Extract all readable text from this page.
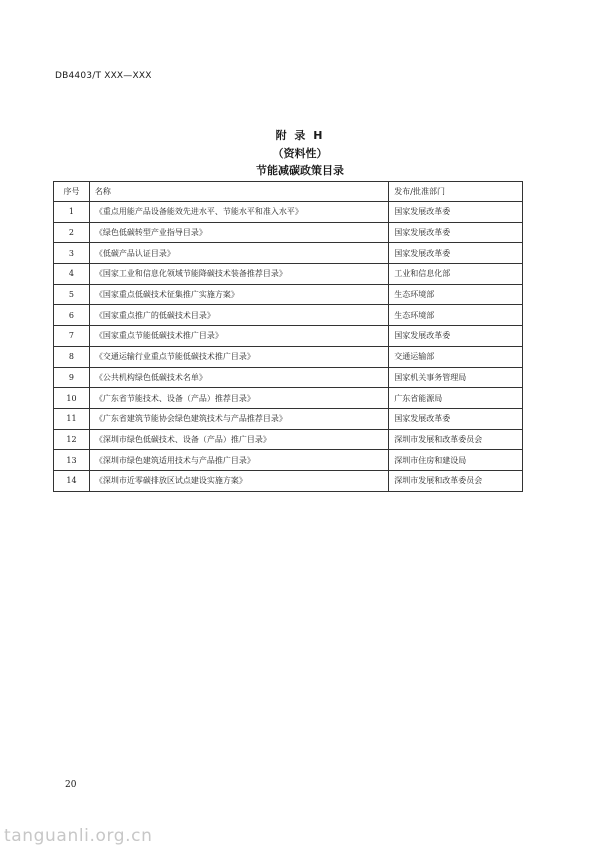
DB4403/T XXX—XXX
附 录 H
（资料性）
节能减碳政策目录
序号	名称	发布/批准部门
1	《重点用能产品设备能效先进水平、节能水平和准入水平》	国家发展改革委
2	《绿色低碳转型产业指导目录》	国家发展改革委
3	《低碳产品认证目录》	国家发展改革委
4	《国家工业和信息化领域节能降碳技术装备推荐目录》	工业和信息化部
5	《国家重点低碳技术征集推广实施方案》	生态环境部
6	《国家重点推广的低碳技术目录》	生态环境部
7	《国家重点节能低碳技术推广目录》	国家发展改革委
8	《交通运输行业重点节能低碳技术推广目录》	交通运输部
9	《公共机构绿色低碳技术名单》	国家机关事务管理局
10	《广东省节能技术、设备（产品）推荐目录》	广东省能源局
11	《广东省建筑节能协会绿色建筑技术与产品推荐目录》	国家发展改革委
12	《深圳市绿色低碳技术、设备（产品）推广目录》	深圳市发展和改革委员会
13	《深圳市绿色建筑适用技术与产品推广目录》	深圳市住房和建设局
14	《深圳市近零碳排放区试点建设实施方案》	深圳市发展和改革委员会
20
tanguanli.org.cn
